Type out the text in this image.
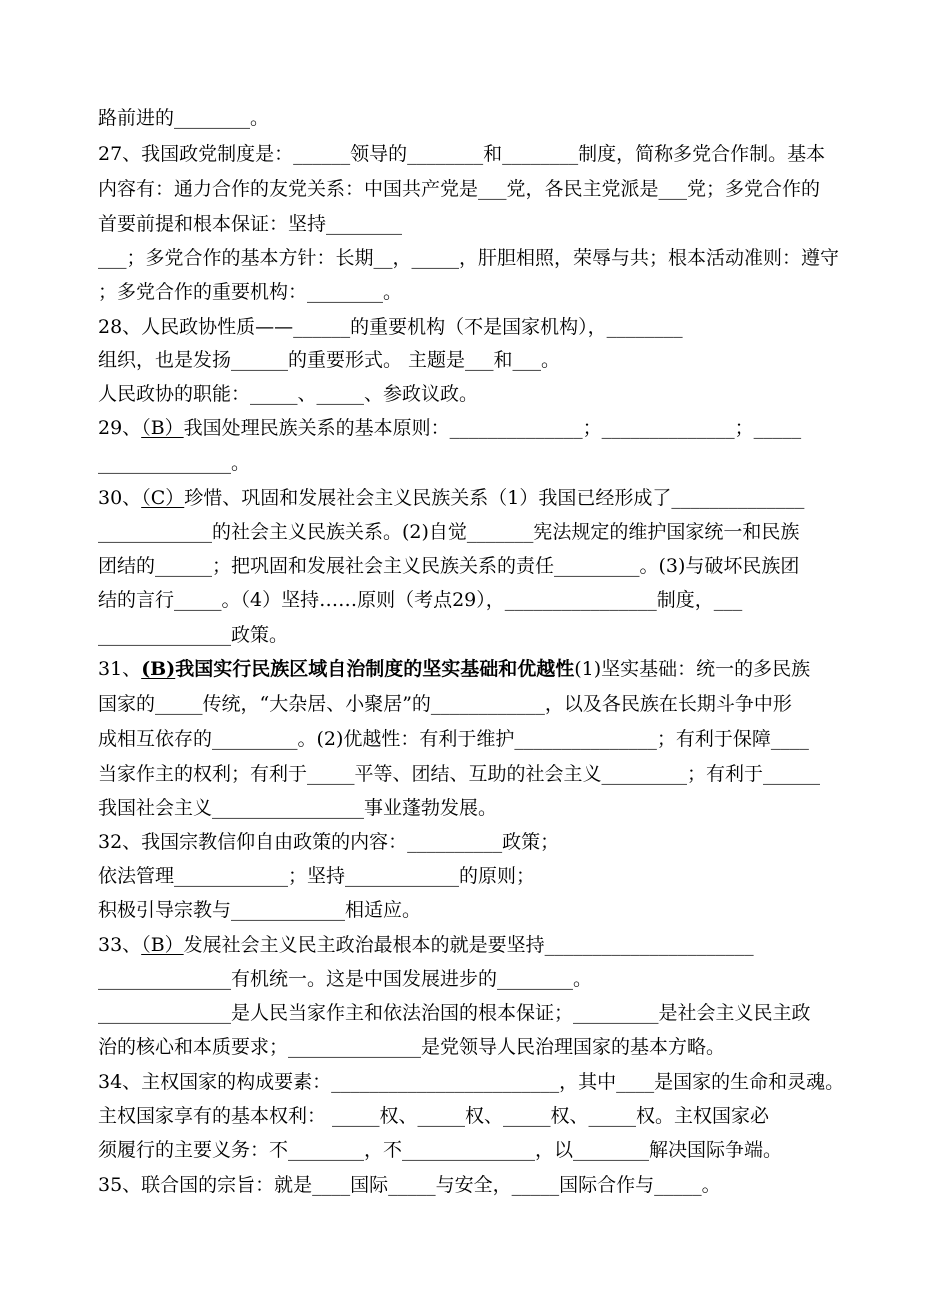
路前进的________。
27、我国政党制度是：______领导的________和________制度，简称多党合作制。基本
内容有：通力合作的友党关系：中国共产党是___党，各民主党派是___党；多党合作的
首要前提和根本保证：坚持________
___；多党合作的基本方针：长期__，_____，肝胆相照，荣辱与共；根本活动准则：遵守
；多党合作的重要机构：________。
28、人民政协性质——______的重要机构（不是国家机构），________
组织，也是发扬______的重要形式。 主题是___和___。
人民政协的职能：_____、_____、参政议政。
29、（B）我国处理民族关系的基本原则：______________；______________；_____
______________。
30、（C）珍惜、巩固和发展社会主义民族关系（1）我国已经形成了______________
____________的社会主义民族关系。(2)自觉_______宪法规定的维护国家统一和民族
团结的______；把巩固和发展社会主义民族关系的责任_________。(3)与破坏民族团
结的言行_____。（4）坚持……原则（考点29），________________制度，___
______________政策。
31、(B)我国实行民族区域自治制度的坚实基础和优越性(1)坚实基础：统一的多民族
国家的_____传统，“大杂居、小聚居”的____________，以及各民族在长期斗争中形
成相互依存的_________。(2)优越性：有利于维护_______________；有利于保障____
当家作主的权利；有利于_____平等、团结、互助的社会主义_________；有利于______
我国社会主义________________事业蓬勃发展。
32、我国宗教信仰自由政策的内容：__________政策；
依法管理____________；坚持____________的原则；
积极引导宗教与____________相适应。
33、（B）发展社会主义民主政治最根本的就是要坚持______________________
______________有机统一。这是中国发展进步的________。
______________是人民当家作主和依法治国的根本保证；_________是社会主义民主政
治的核心和本质要求；______________是党领导人民治理国家的基本方略。
34、主权国家的构成要素：________________________，其中____是国家的生命和灵魂。
主权国家享有的基本权利： _____权、_____权、_____权、_____权。主权国家必
须履行的主要义务：不________，不______________，以________解决国际争端。
35、联合国的宗旨：就是____国际_____与安全，_____国际合作与_____。
